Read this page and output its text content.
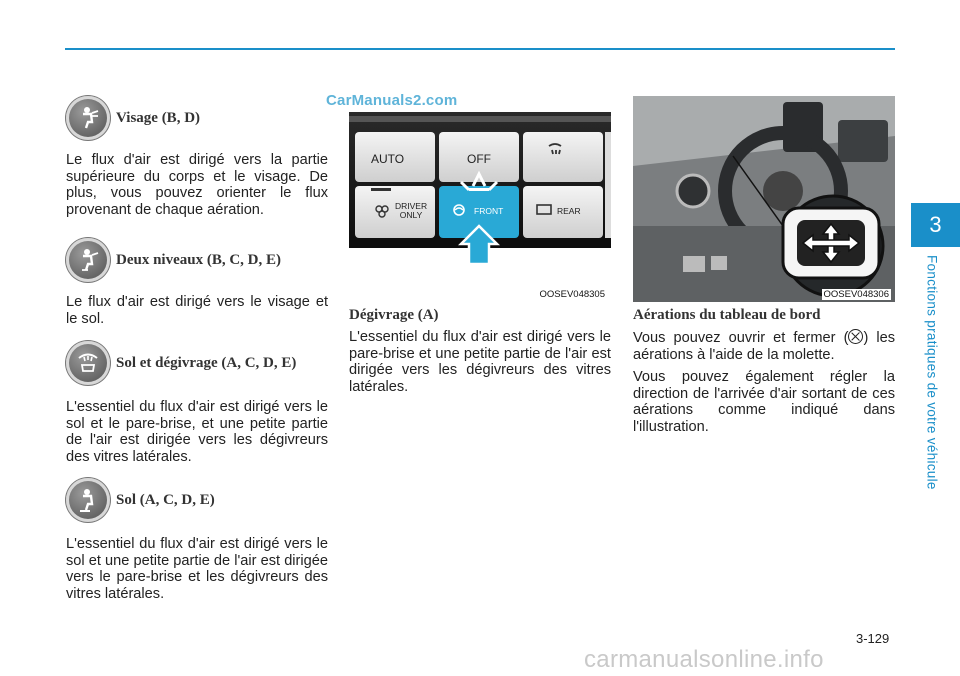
Visage (B, D)

Le flux d'air est dirigé vers la partie supérieure du corps et le visage. De plus, vous pouvez orienter le flux provenant de chaque aération.

Deux niveaux (B, C, D, E)

Le flux d'air est dirigé vers le visage et le sol.

Sol et dégivrage (A, C, D, E)

L'essentiel du flux d'air est dirigé vers le sol et le pare-brise, et une petite partie de l'air est dirigée vers les dégivreurs des vitres latérales.

Sol (A, C, D, E)

L'essentiel du flux d'air est dirigé vers le sol et une petite partie de l'air est dirigée vers le pare-brise et les dégivreurs des vitres latérales.

CarManuals2.com
AUTO	OFF
DRIVER
ONLY	FRONT	REAR
OOSEV048305	OOSEV048306
Dégivrage (A)

L'essentiel du flux d'air est dirigé vers le pare-brise et une petite partie de l'air est dirigée vers les dégivreurs des vitres latérales.

Aérations du tableau de bord

Vous pouvez ouvrir et fermer ( ) les aérations à l'aide de la molette.

Vous pouvez également régler la direction de l'arrivée d'air sortant de ces aérations comme indiqué dans l'illustration.

3
Fonctions pratiques de votre véhicule
3-129
carmanualsonline.info
